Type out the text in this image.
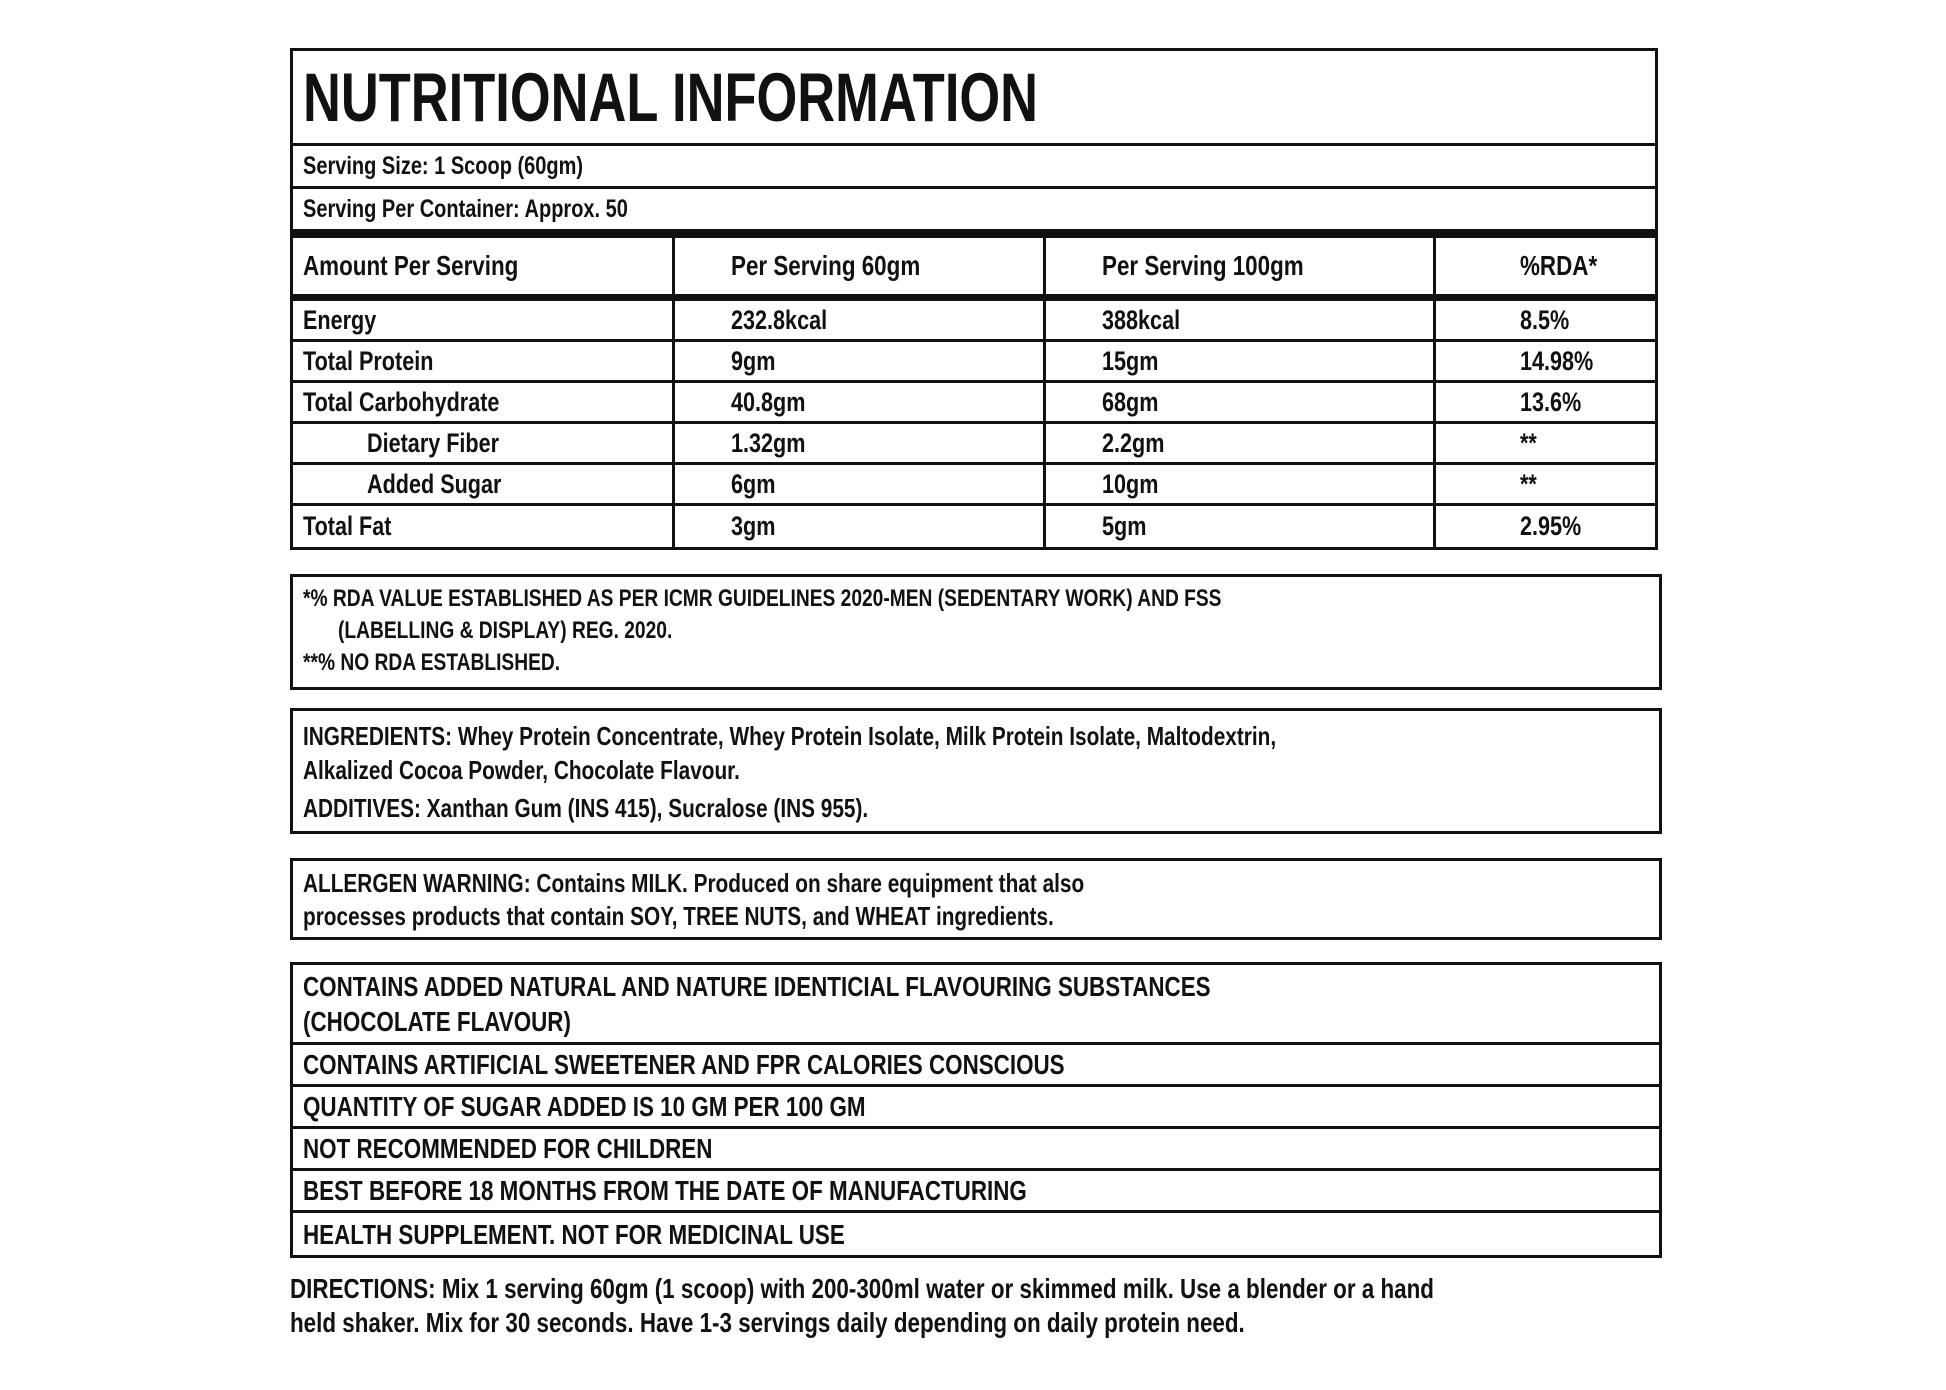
NUTRITIONAL INFORMATION
Serving Size: 1 Scoop (60gm)
Serving Per Container: Approx. 50
Amount Per Serving	Per Serving 60gm	Per Serving 100gm	%RDA*
Energy	232.8kcal	388kcal	8.5%
Total Protein	9gm	15gm	14.98%
Total Carbohydrate	40.8gm	68gm	13.6%
Dietary Fiber	1.32gm	2.2gm	**
Added Sugar	6gm	10gm	**
Total Fat	3gm	5gm	2.95%
*% RDA VALUE ESTABLISHED AS PER ICMR GUIDELINES 2020-MEN (SEDENTARY WORK) AND FSS
(LABELLING & DISPLAY) REG. 2020.
**% NO RDA ESTABLISHED.
INGREDIENTS: Whey Protein Concentrate, Whey Protein Isolate, Milk Protein Isolate, Maltodextrin,
Alkalized Cocoa Powder, Chocolate Flavour.
ADDITIVES: Xanthan Gum (INS 415), Sucralose (INS 955).
ALLERGEN WARNING: Contains MILK. Produced on share equipment that also
processes products that contain SOY, TREE NUTS, and WHEAT ingredients.
CONTAINS ADDED NATURAL AND NATURE IDENTICIAL FLAVOURING SUBSTANCES
(CHOCOLATE FLAVOUR)
CONTAINS ARTIFICIAL SWEETENER AND FPR CALORIES CONSCIOUS
QUANTITY OF SUGAR ADDED IS 10 GM PER 100 GM
NOT RECOMMENDED FOR CHILDREN
BEST BEFORE 18 MONTHS FROM THE DATE OF MANUFACTURING
HEALTH SUPPLEMENT. NOT FOR MEDICINAL USE
DIRECTIONS: Mix 1 serving 60gm (1 scoop) with 200-300ml water or skimmed milk. Use a blender or a hand
held shaker. Mix for 30 seconds. Have 1-3 servings daily depending on daily protein need.
